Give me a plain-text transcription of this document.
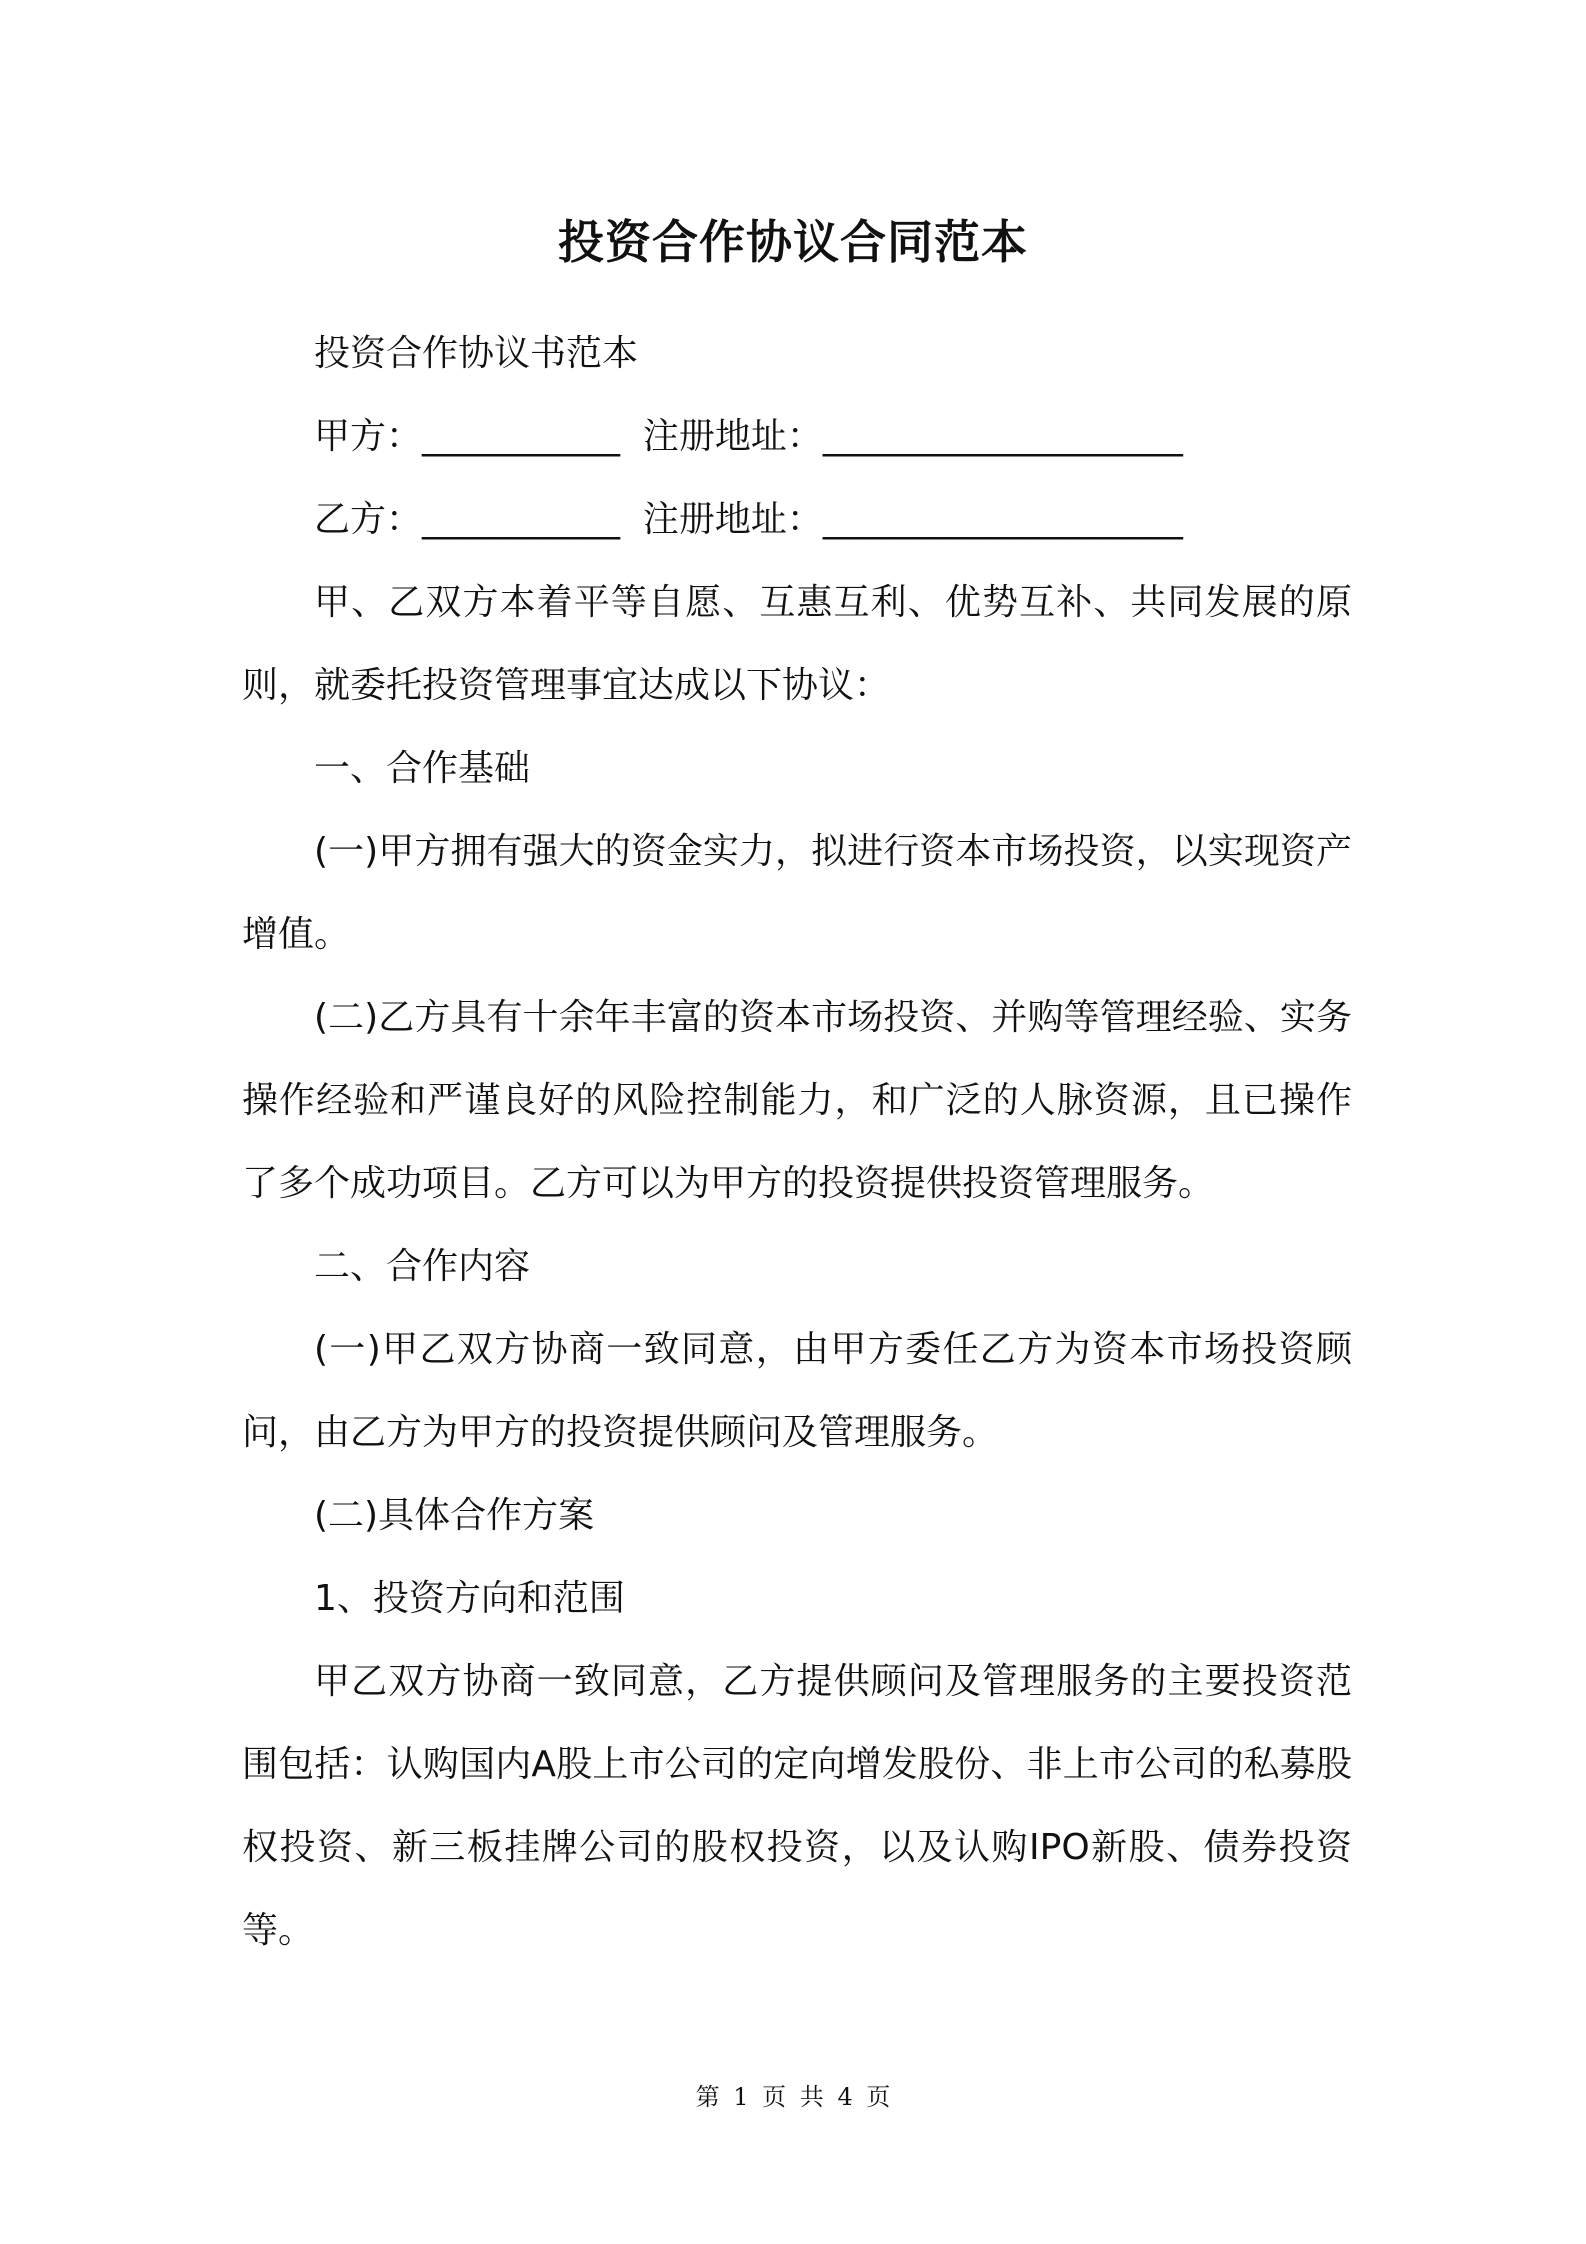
投资合作协议合同范本

投资合作协议书范本

甲方：___________  注册地址：____________________

乙方：___________  注册地址：____________________

甲、乙双方本着平等自愿、互惠互利、优势互补、共同发展的原则，就委托投资管理事宜达成以下协议：

一、合作基础

(一)甲方拥有强大的资金实力，拟进行资本市场投资，以实现资产增值。

(二)乙方具有十余年丰富的资本市场投资、并购等管理经验、实务操作经验和严谨良好的风险控制能力，和广泛的人脉资源，且已操作了多个成功项目。乙方可以为甲方的投资提供投资管理服务。

二、合作内容

(一)甲乙双方协商一致同意，由甲方委任乙方为资本市场投资顾问，由乙方为甲方的投资提供顾问及管理服务。

(二)具体合作方案

1、投资方向和范围

甲乙双方协商一致同意，乙方提供顾问及管理服务的主要投资范围包括：认购国内A股上市公司的定向增发股份、非上市公司的私募股权投资、新三板挂牌公司的股权投资，以及认购IPO新股、债券投资等。

第 1 页 共 4 页
